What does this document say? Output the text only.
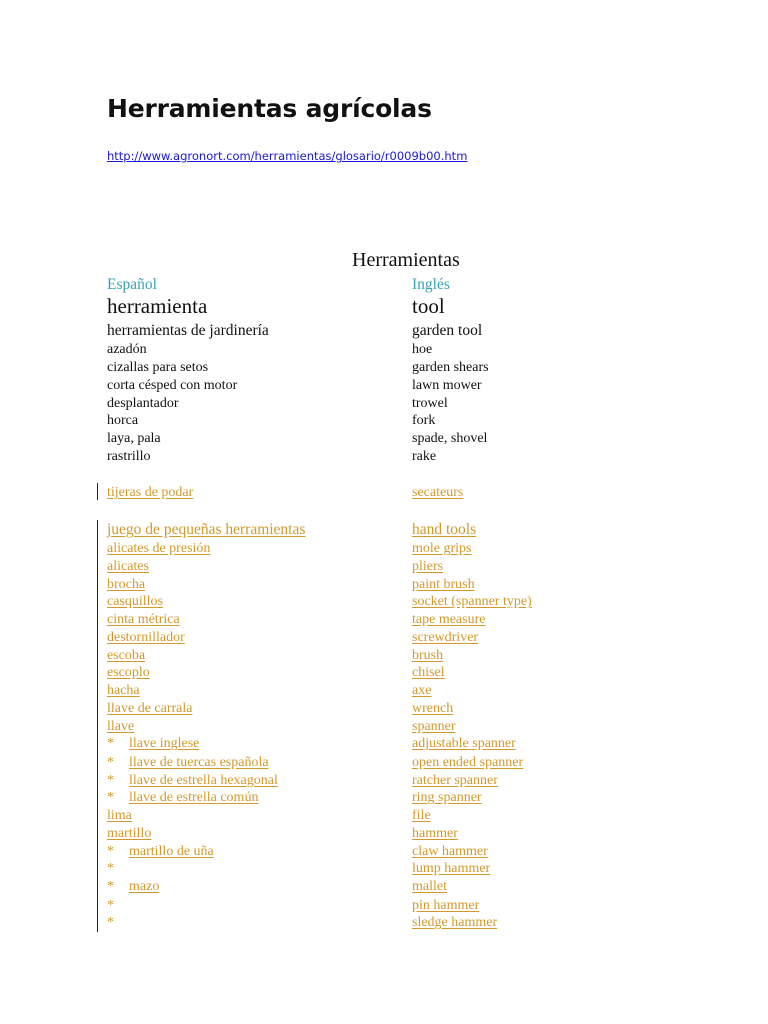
Herramientas agrícolas
http://www.agronort.com/herramientas/glosario/r0009b00.htm
Herramientas
Español	Inglés
herramienta	tool
herramientas de jardinería	garden tool
azadón	hoe
cizallas para setos	garden shears
corta césped con motor	lawn mower
desplantador	trowel
horca	fork
laya, pala	spade, shovel
rastrillo	rake
tijeras de podar	secateurs
juego de pequeñas herramientas	hand tools
alicates de presión	mole grips
alicates	pliers
brocha	paint brush
casquillos	socket (spanner type)
cinta métrica	tape measure
destornillador	screwdriver
escoba	brush
escoplo	chisel
hacha	axe
llave de carrala	wrench
llave	spanner
* llave inglese	adjustable spanner
* llave de tuercas española	open ended spanner
* llave de estrella hexagonal	ratcher spanner
* llave de estrella común	ring spanner
lima	file
martillo	hammer
* martillo de uña	claw hammer
*	lump hammer
* mazo	mallet
*	pin hammer
*	sledge hammer
